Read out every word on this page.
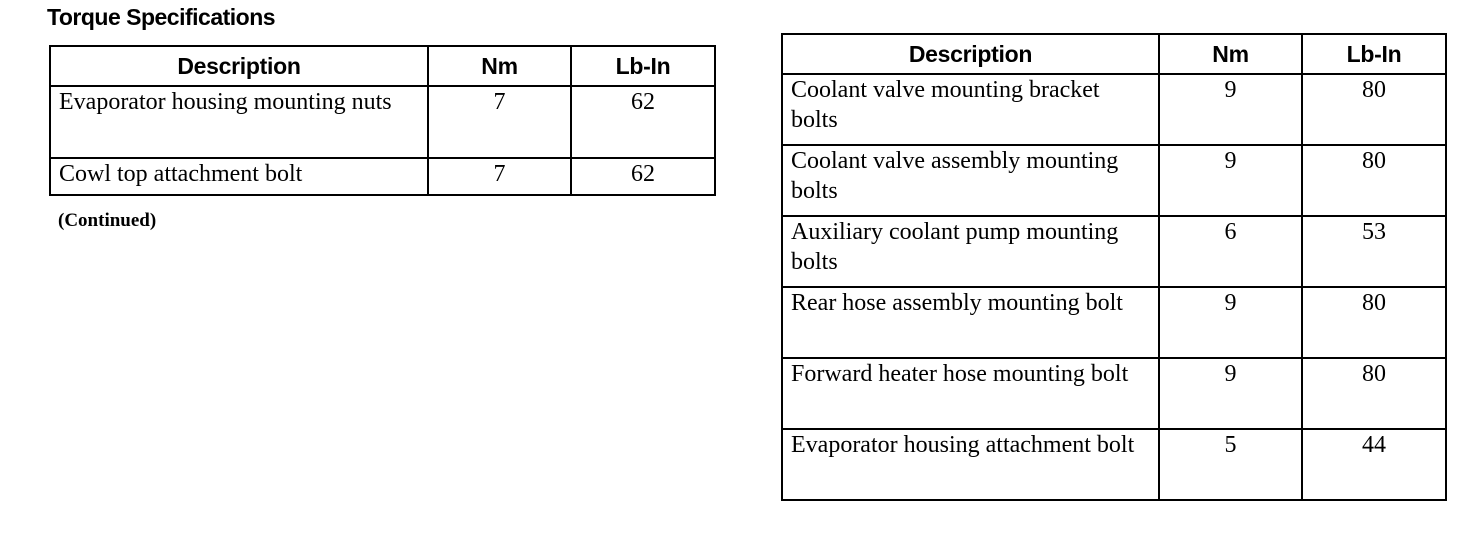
Torque Specifications
Description	Nm	Lb-In
Evaporator housing mounting nuts	7	62
Cowl top attachment bolt	7	62
(Continued)
Description	Nm	Lb-In
Coolant valve mounting bracket bolts	9	80
Coolant valve assembly mounting bolts	9	80
Auxiliary coolant pump mounting bolts	6	53
Rear hose assembly mounting bolt	9	80
Forward heater hose mounting bolt	9	80
Evaporator housing attachment bolt	5	44
